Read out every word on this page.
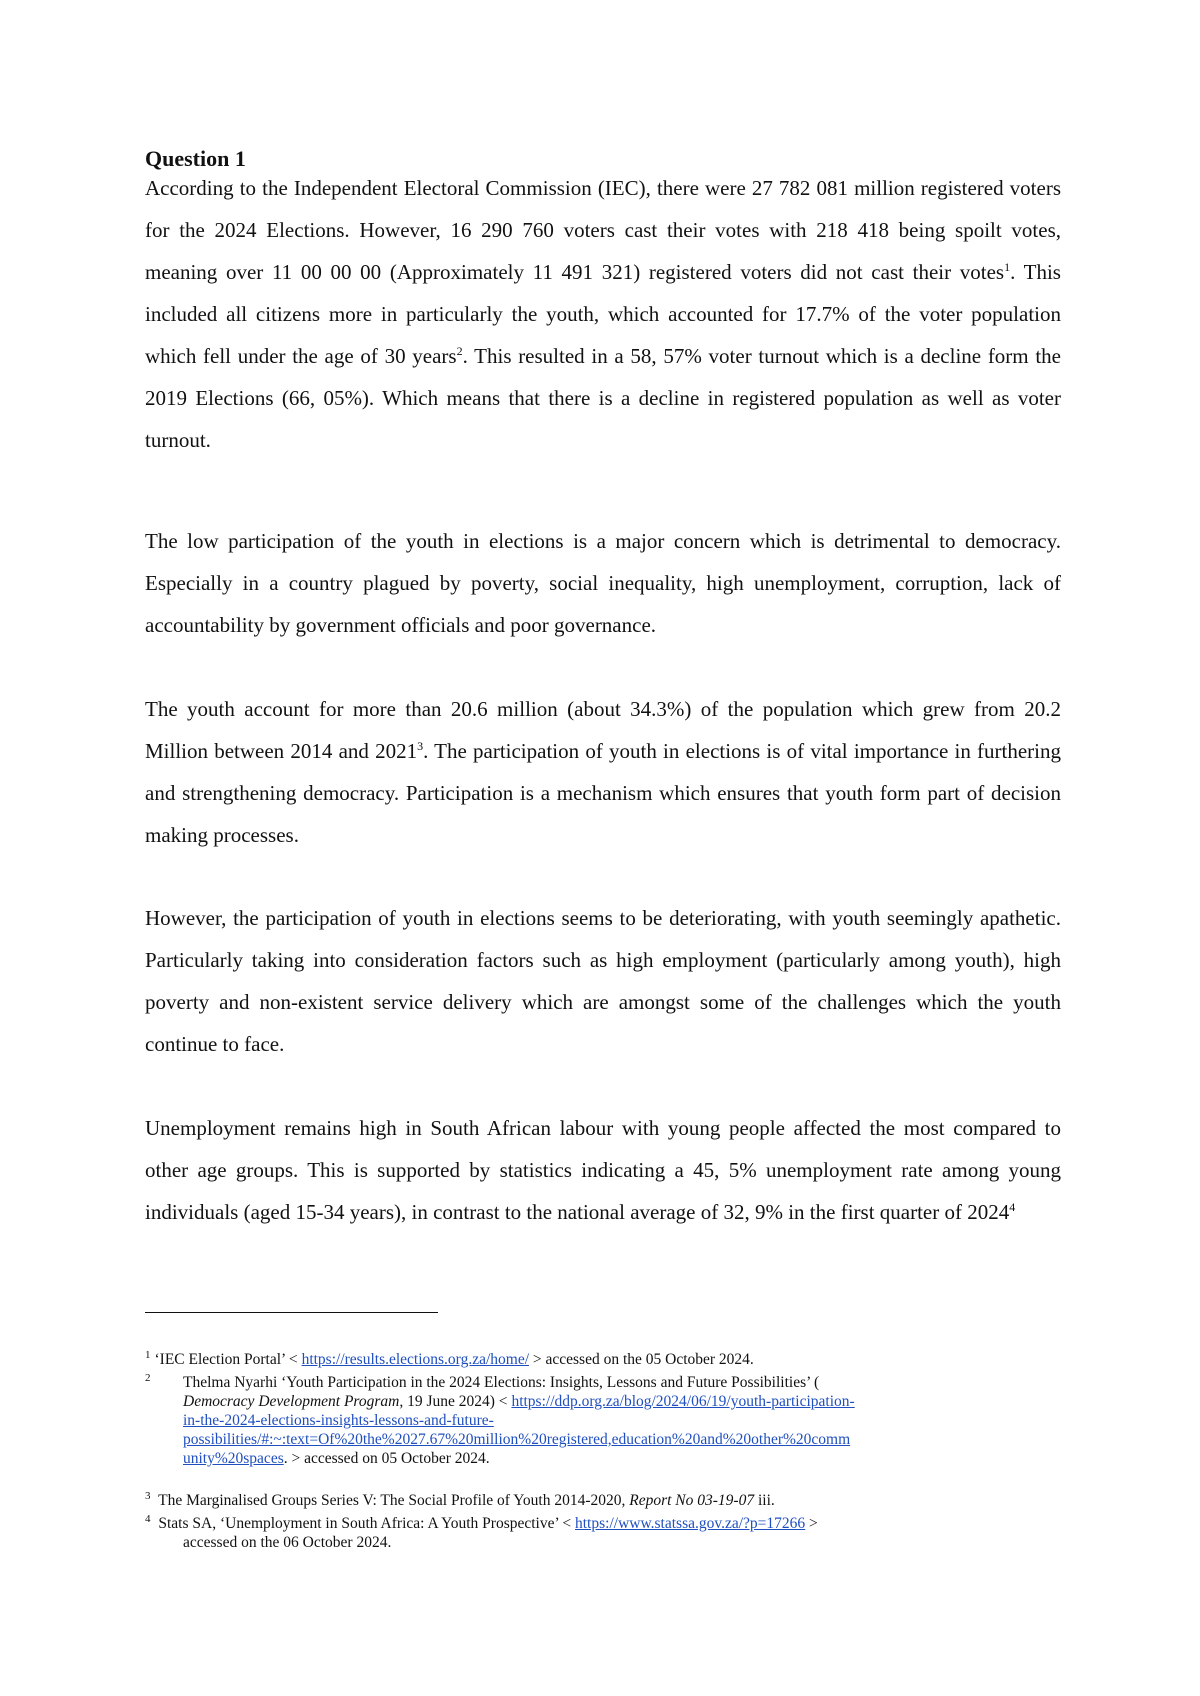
Question 1

According to the Independent Electoral Commission (IEC), there were 27 782 081 million registered voters for the 2024 Elections. However, 16 290 760 voters cast their votes with 218 418 being spoilt votes, meaning over 11 00 00 00 (Approximately 11 491 321) registered voters did not cast their votes$^1$. This included all citizens more in particularly the youth, which accounted for 17.7% of the voter population which fell under the age of 30 years$^2$. This resulted in a 58, 57% voter turnout which is a decline form the 2019 Elections (66, 05%). Which means that there is a decline in registered population as well as voter turnout.

The low participation of the youth in elections is a major concern which is detrimental to democracy. Especially in a country plagued by poverty, social inequality, high unemployment, corruption, lack of accountability by government officials and poor governance.

The youth account for more than 20.6 million (about 34.3%) of the population which grew from 20.2 Million between 2014 and 2021$^3$. The participation of youth in elections is of vital importance in furthering and strengthening democracy. Participation is a mechanism which ensures that youth form part of decision making processes.

However, the participation of youth in elections seems to be deteriorating, with youth seemingly apathetic. Particularly taking into consideration factors such as high employment (particularly among youth), high poverty and non-existent service delivery which are amongst some of the challenges which the youth continue to face.

Unemployment remains high in South African labour with young people affected the most compared to other age groups. This is supported by statistics indicating a 45, 5% unemployment rate among young individuals (aged 15-34 years), in contrast to the national average of 32, 9% in the first quarter of 2024$^4$

$^1$ ‘IEC Election Portal’ < https://results.elections.org.za/home/ > accessed on the 05 October 2024.

$^2$ Thelma Nyarhi ‘Youth Participation in the 2024 Elections: Insights, Lessons and Future Possibilities’ (
Democracy Development Program, 19 June 2024) < https://ddp.org.za/blog/2024/06/19/youth-participation-
in-the-2024-elections-insights-lessons-and-future-
possibilities/#:~:text=Of%20the%2027.67%20million%20registered,education%20and%20other%20comm
unity%20spaces. > accessed on 05 October 2024.

$^3$ The Marginalised Groups Series V: The Social Profile of Youth 2014-2020, Report No 03-19-07 iii.

$^4$ Stats SA, ‘Unemployment in South Africa: A Youth Prospective’ < https://www.statssa.gov.za/?p=17266 >
accessed on the 06 October 2024.
